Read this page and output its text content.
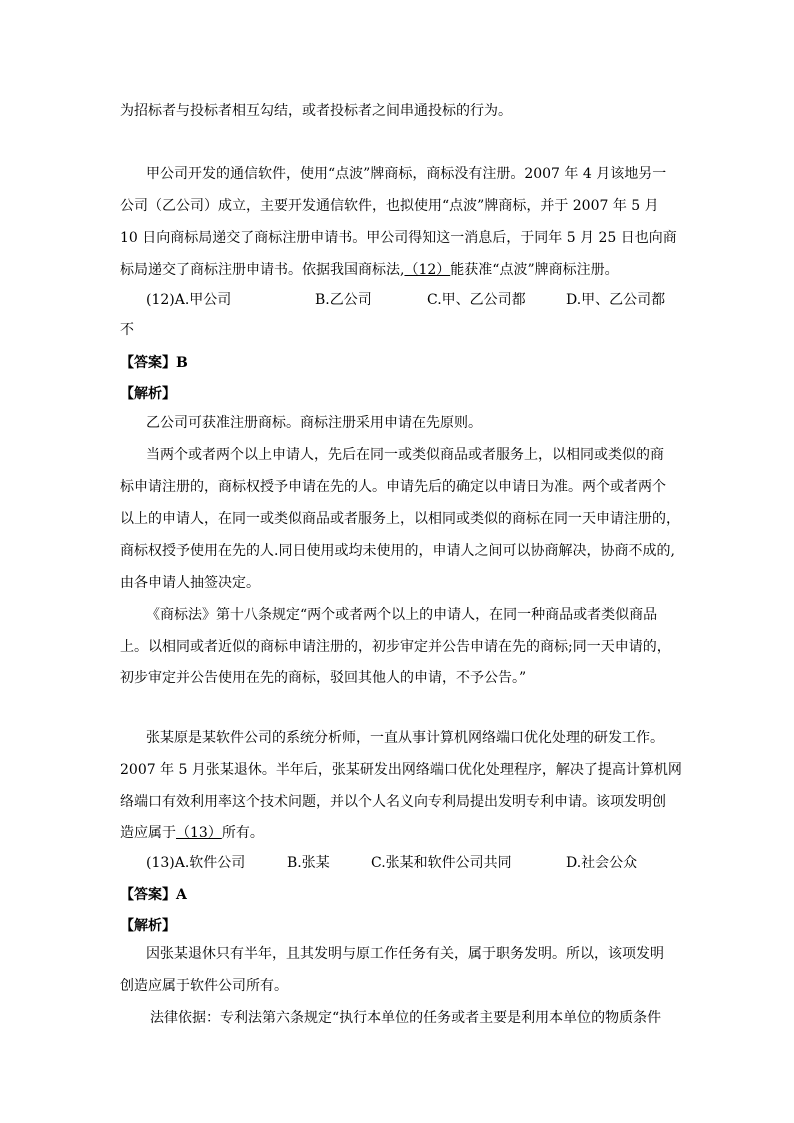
为招标者与投标者相互勾结，或者投标者之间串通投标的行为。
甲公司开发的通信软件，使用“点波”牌商标，商标没有注册。2007 年 4 月该地另一
公司（乙公司）成立，主要开发通信软件，也拟使用“点波”牌商标，并于 2007 年 5 月
10 日向商标局递交了商标注册申请书。甲公司得知这一消息后，于同年 5 月 25 日也向商
标局递交了商标注册申请书。依据我国商标法,（12）能获准“点波”牌商标注册。
(12)A.甲公司	B.乙公司	C.甲、乙公司都	D.甲、乙公司都
不
【答案】B
【解析】
乙公司可获准注册商标。商标注册采用申请在先原则。
当两个或者两个以上申请人，先后在同一或类似商品或者服务上，以相同或类似的商
标申请注册的，商标权授予申请在先的人。申请先后的确定以申请日为准。两个或者两个
以上的申请人，在同一或类似商品或者服务上，以相同或类似的商标在同一天申请注册的，
商标权授予使用在先的人.同日使用或均未使用的，申请人之间可以协商解决，协商不成的,
由各申请人抽签决定。
《商标法》第十八条规定“两个或者两个以上的申请人，在同一种商品或者类似商品
上。以相同或者近似的商标申请注册的，初步审定并公告申请在先的商标;同一天申请的，
初步审定并公告使用在先的商标，驳回其他人的申请，不予公告。”
张某原是某软件公司的系统分析师，一直从事计算机网络端口优化处理的研发工作。
2007 年 5 月张某退休。半年后，张某研发出网络端口优化处理程序，解决了提高计算机网
络端口有效利用率这个技术问题，并以个人名义向专利局提出发明专利申请。该项发明创
造应属于（13）所有。
(13)A.软件公司	B.张某	C.张某和软件公司共同	D.社会公众
【答案】A
【解析】
因张某退休只有半年，且其发明与原工作任务有关，属于职务发明。所以，该项发明
创造应属于软件公司所有。
法律依据：专利法第六条规定“执行本单位的任务或者主要是利用本单位的物质条件
